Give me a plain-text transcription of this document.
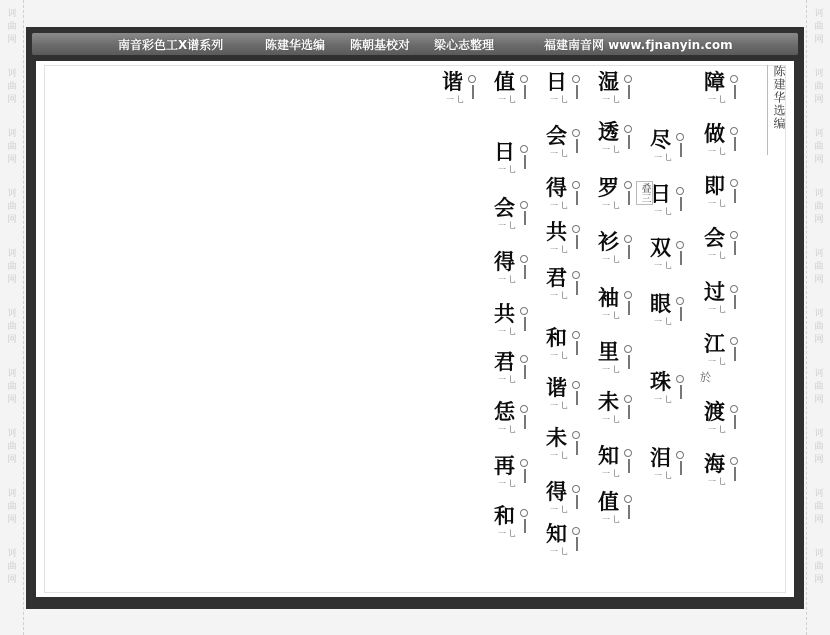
诃
曲
网
诃
曲
网
诃
曲
网
诃
曲
网
诃
曲
网
诃
曲
网
诃
曲
网
诃
曲
网
诃
曲
网
诃
曲
网
诃
曲
网
诃
曲
网
诃
曲
网
诃
曲
网
诃
曲
网
诃
曲
网
诃
曲
网
诃
曲
网
诃
曲
网
诃
曲
网
南音彩色工X谱系列	陈建华选编 陈朝基校对 梁心志整理	福建南音网 www.fjnanyin.com
陈建华选编
叠三
障
一 乚
做
一 乚
即
一 乚
会
一 乚
过
一 乚
江
一 乚
渡
一 乚
海
一 乚
尽
一 乚
日
一 乚
双
一 乚
眼
一 乚
珠
一 乚
泪
一 乚
湿
一 乚
透
一 乚
罗
一 乚
衫
一 乚
袖
一 乚
里
一 乚
未
一 乚
知
一 乚
值
一 乚
日
一 乚
会
一 乚
得
一 乚
共
一 乚
君
一 乚
和
一 乚
谐
一 乚
未
一 乚
得
一 乚
知
一 乚
值
一 乚
日
一 乚
会
一 乚
得
一 乚
共
一 乚
君
一 乚
恁
一 乚
再
一 乚
和
一 乚
谐
一 乚
於
